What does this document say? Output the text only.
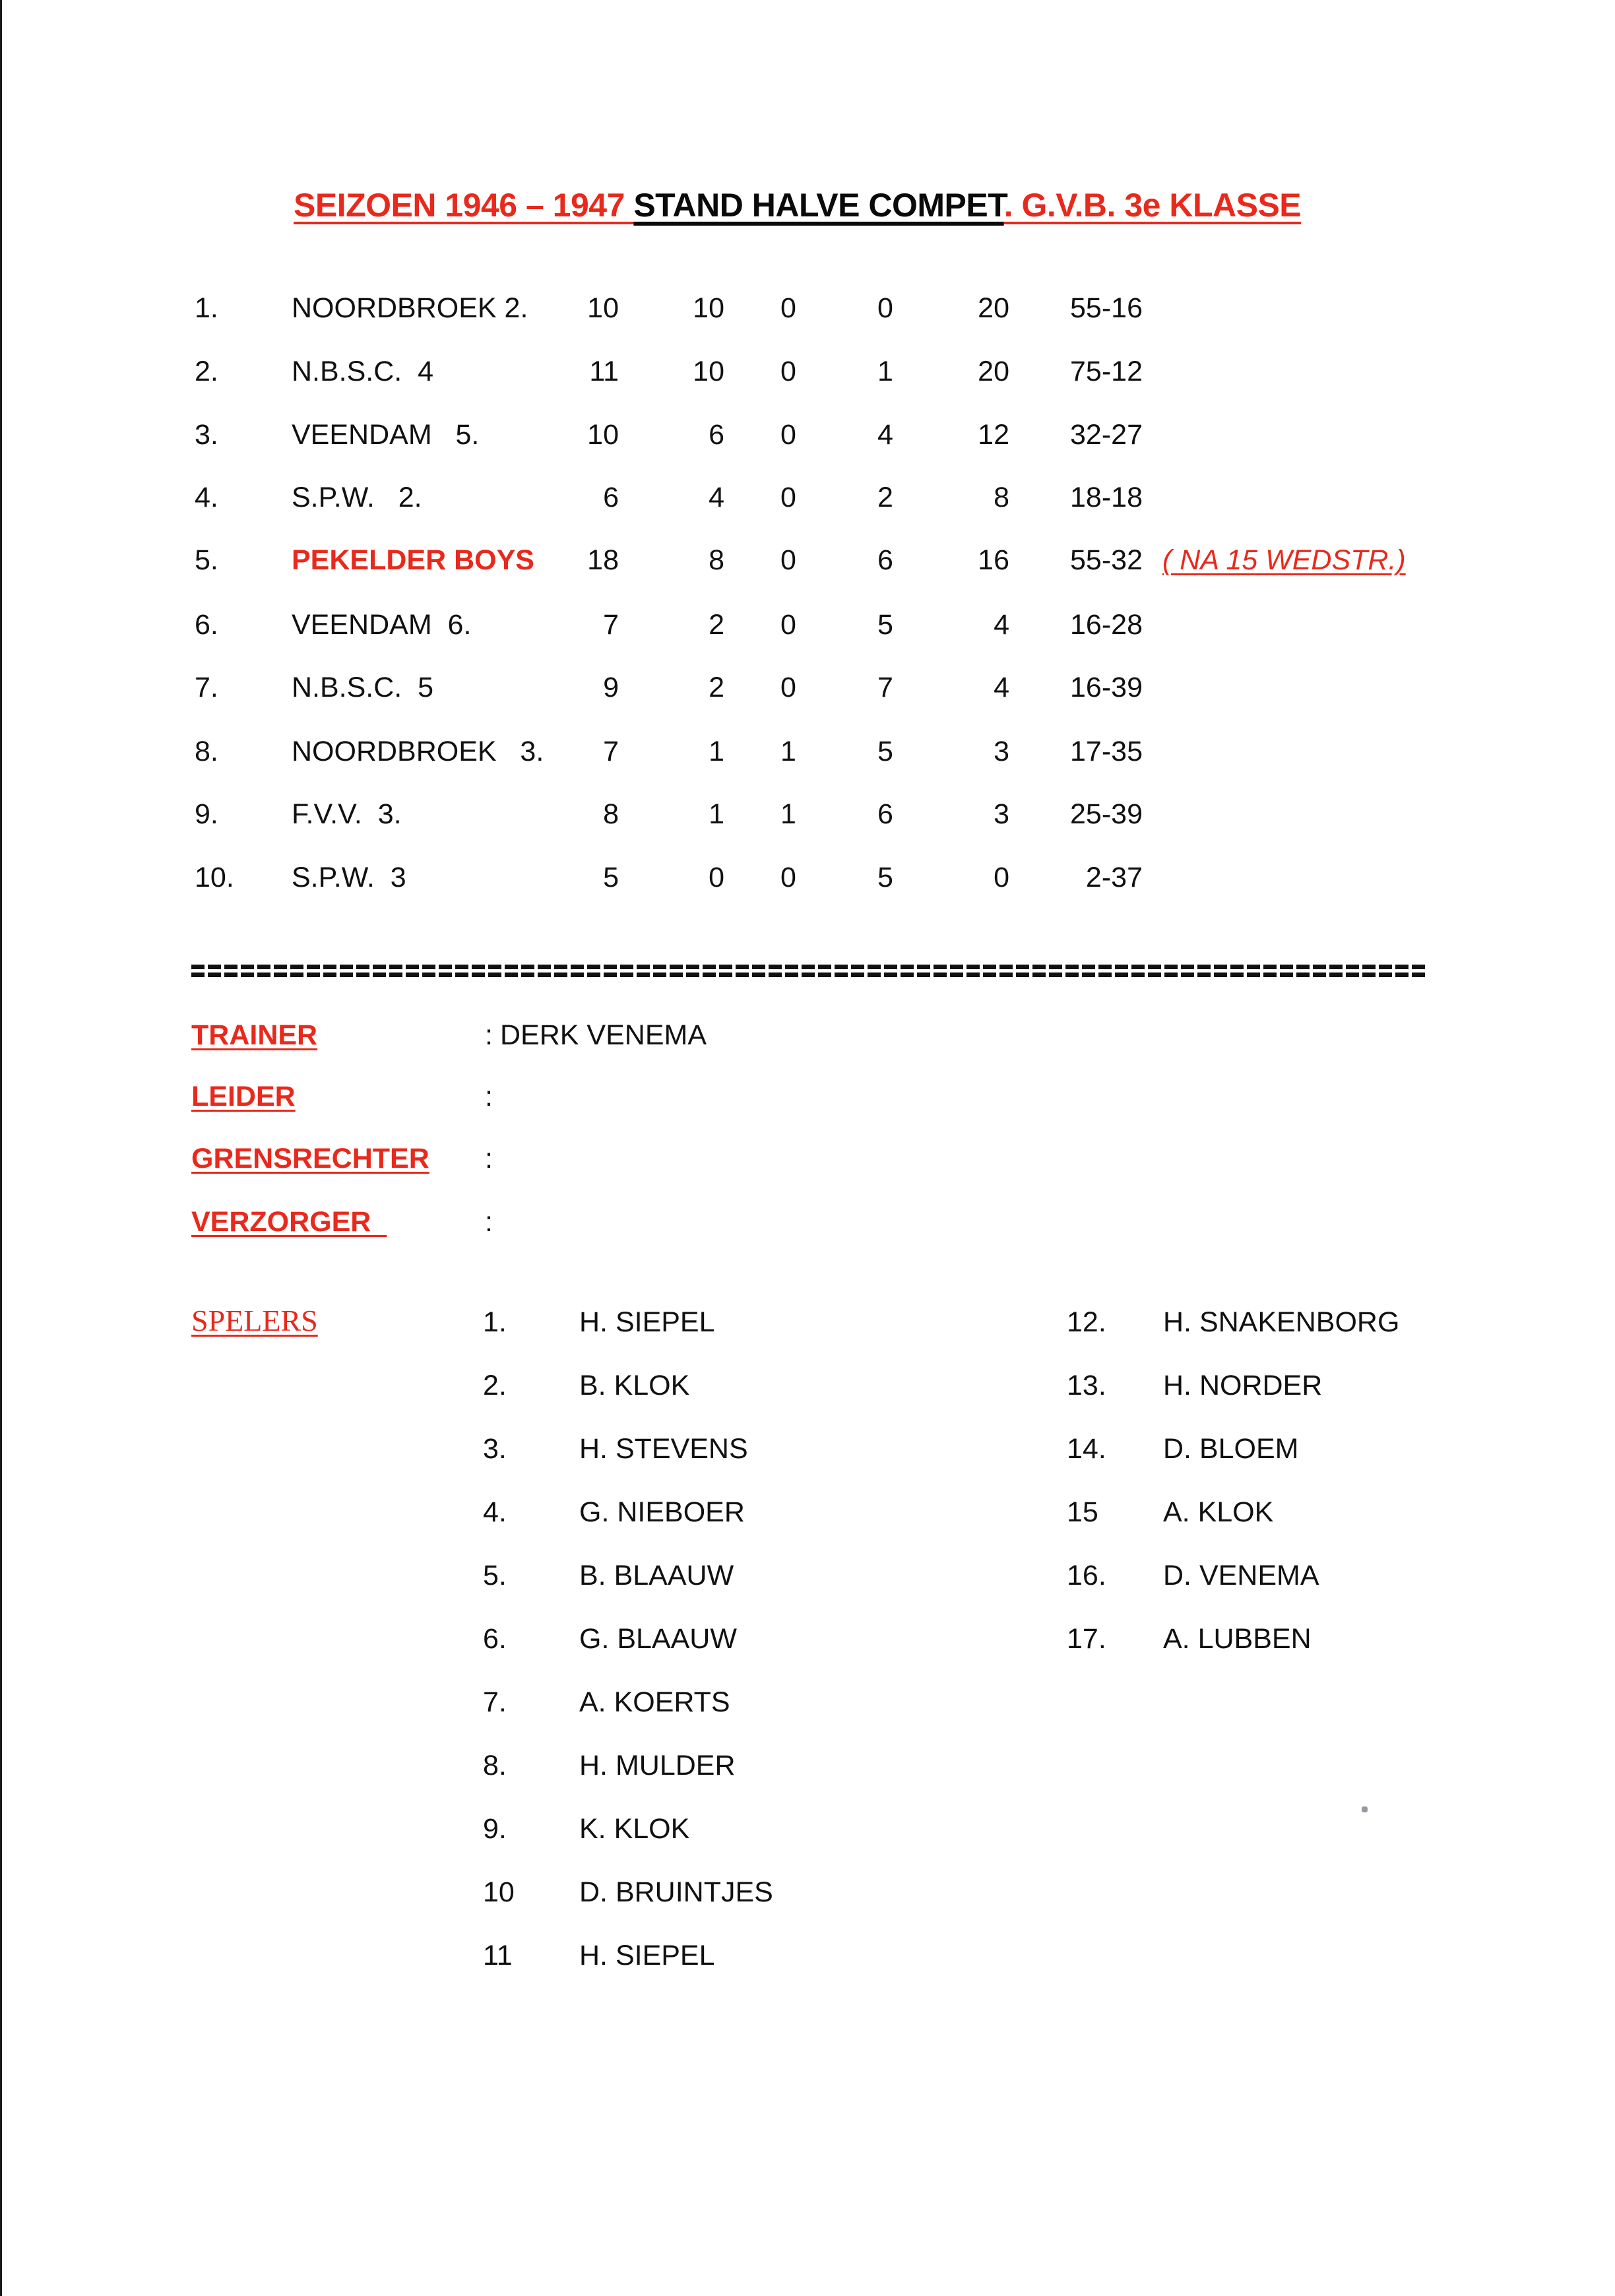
SEIZOEN 1946 – 1947 STAND HALVE COMPET. G.V.B. 3e KLASSE
1.	NOORDBROEK 2.	10	10	0	0	20	55-16
2.	N.B.S.C.  4	11	10	0	1	20	75-12
3.	VEENDAM   5.	10	6	0	4	12	32-27
4.	S.P.W.   2.	6	4	0	2	8	18-18
5.	PEKELDER BOYS	18	8	0	6	16	55-32 ( NA 15 WEDSTR.)
6.	VEENDAM  6.	7	2	0	5	4	16-28
7.	N.B.S.C.  5	9	2	0	7	4	16-39
8.	NOORDBROEK   3.	7	1	1	5	3	17-35
9.	F.V.V.  3.	8	1	1	6	3	25-39
10. S.P.W.  3	5	0	0	5	0	2-37
TRAINER	: DERK VENEMA
LEIDER	:
GRENSRECHTER :
VERZORGER	:
SPELERS	1.	H. SIEPEL
2.	B. KLOK
3.	H. STEVENS
4.	G. NIEBOER
5.	B. BLAAUW
6.	G. BLAAUW
7.	A. KOERTS
8.	H. MULDER
9.	K. KLOK
10 D. BRUINTJES
11 H. SIEPEL
12. H. SNAKENBORG
13. H. NORDER
14. D. BLOEM
15 A. KLOK
16. D. VENEMA
17. A. LUBBEN
